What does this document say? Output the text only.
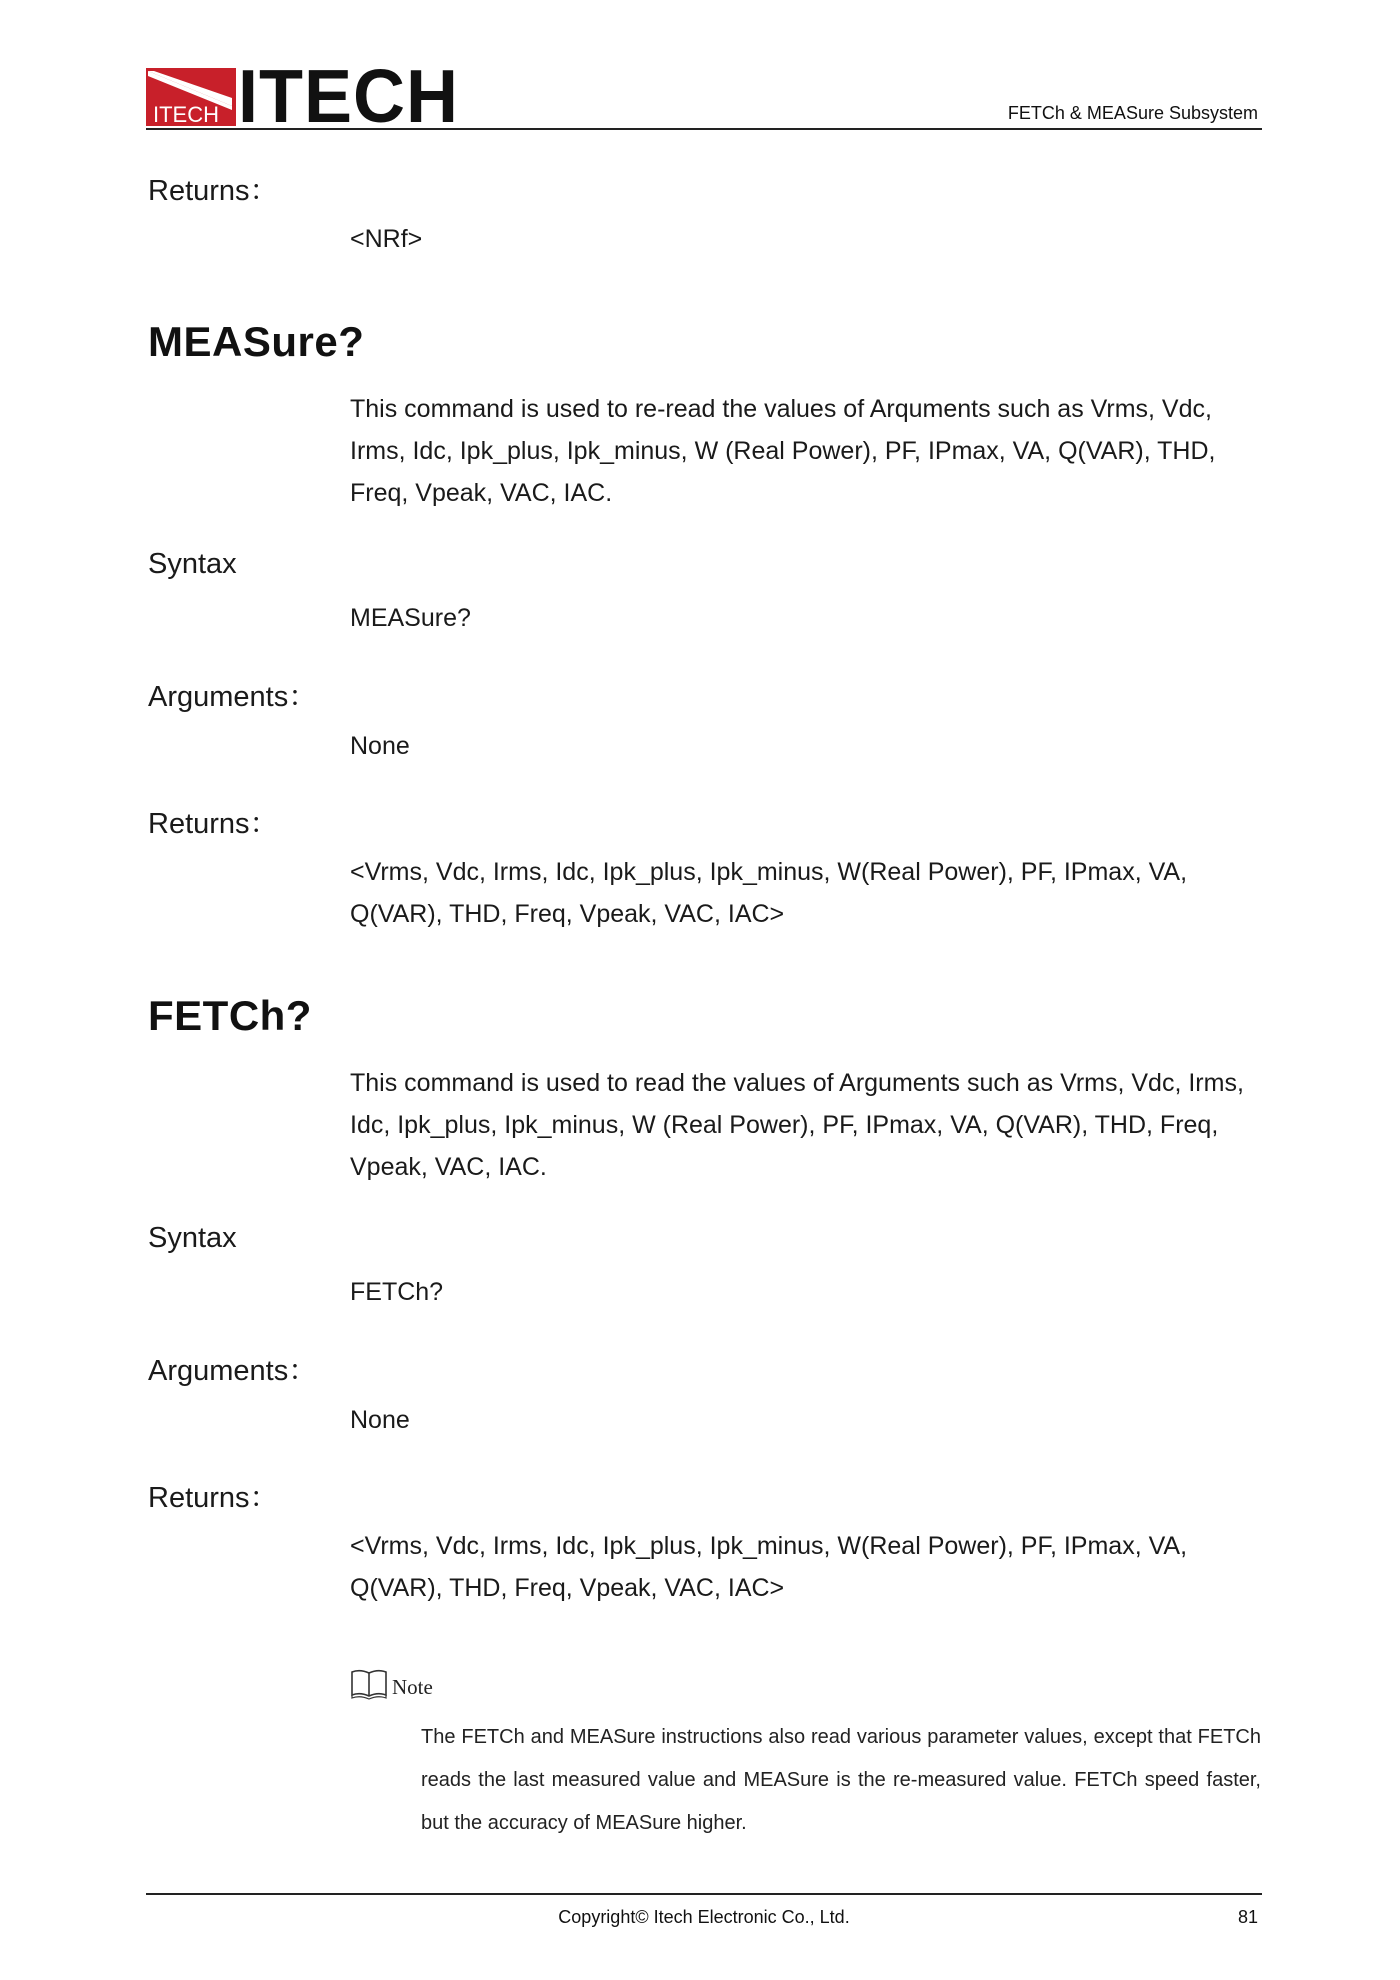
ITECH ITECH	FETCh & MEASure Subsystem
Returns：
<NRf>
MEASure?
This command is used to re-read the values of Arquments such as Vrms, Vdc, Irms, Idc, Ipk_plus, Ipk_minus, W (Real Power), PF, IPmax, VA, Q(VAR), THD, Freq, Vpeak, VAC, IAC.
Syntax
MEASure?
Arguments：
None
Returns：
<Vrms, Vdc, Irms, Idc, Ipk_plus, Ipk_minus, W(Real Power), PF, IPmax, VA, Q(VAR), THD, Freq, Vpeak, VAC, IAC>
FETCh?
This command is used to read the values of Arguments such as Vrms, Vdc, Irms, Idc, Ipk_plus, Ipk_minus, W (Real Power), PF, IPmax, VA, Q(VAR), THD, Freq, Vpeak, VAC, IAC.
Syntax
FETCh?
Arguments：
None
Returns：
<Vrms, Vdc, Irms, Idc, Ipk_plus, Ipk_minus, W(Real Power), PF, IPmax, VA, Q(VAR), THD, Freq, Vpeak, VAC, IAC>
Note
The FETCh and MEASure instructions also read various parameter values, except that FETCh reads the last measured value and MEASure is the re-measured value. FETCh speed faster, but the accuracy of MEASure higher.
Copyright© Itech Electronic Co., Ltd.	81
